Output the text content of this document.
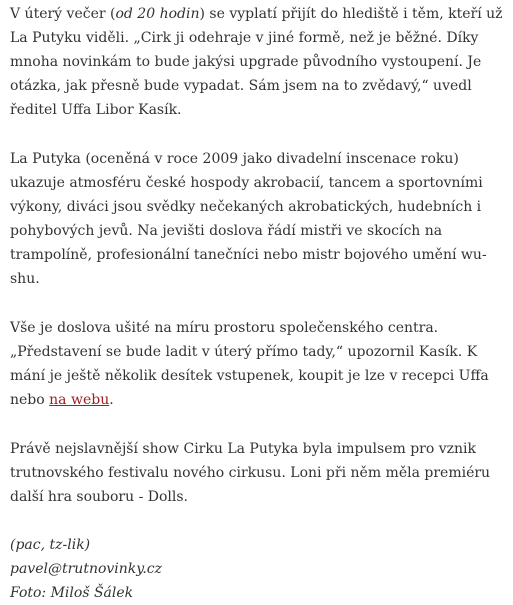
V úterý večer (od 20 hodin) se vyplatí přijít do hlediště i těm, kteří už La Putyku viděli. „Cirk ji odehraje v jiné formě, než je běžné. Díky mnoha novinkám to bude jakýsi upgrade původního vystoupení. Je otázka, jak přesně bude vypadat. Sám jsem na to zvědavý,“ uvedl ředitel Uffa Libor Kasík.

La Putyka (oceněná v roce 2009 jako divadelní inscenace roku) ukazuje atmosféru české hospody akrobacií, tancem a sportovními výkony, diváci jsou svědky nečekaných akrobatických, hudebních i pohybových jevů. Na jevišti doslova řádí mistři ve skocích na trampolíně, profesionální tanečníci nebo mistr bojového umění wu-shu.

Vše je doslova ušité na míru prostoru společenského centra. „Představení se bude ladit v úterý přímo tady,“ upozornil Kasík. K mání je ještě několik desítek vstupenek, koupit je lze v recepci Uffa nebo na webu.

Právě nejslavnější show Cirku La Putyka byla impulsem pro vznik trutnovského festivalu nového cirkusu. Loni při něm měla premiéru další hra souboru - Dolls.

(pac, tz-lik)
pavel@trutnovinky.cz
Foto: Miloš Šálek
